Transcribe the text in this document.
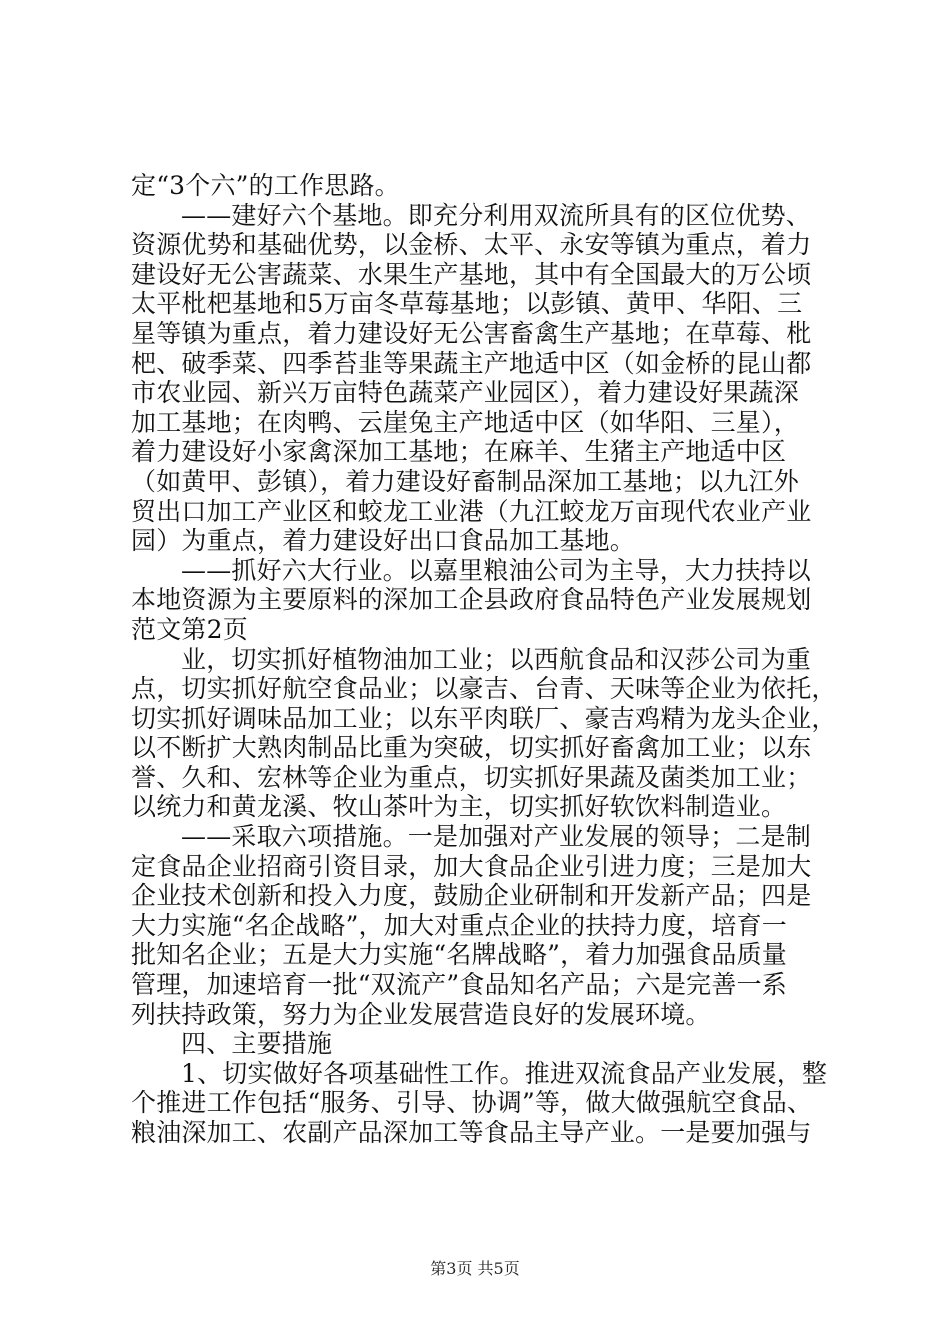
定“3个六”的工作思路。
——建好六个基地。即充分利用双流所具有的区位优势、
资源优势和基础优势，以金桥、太平、永安等镇为重点，着力
建设好无公害蔬菜、水果生产基地，其中有全国最大的万公顷
太平枇杷基地和5万亩冬草莓基地；以彭镇、黄甲、华阳、三
星等镇为重点，着力建设好无公害畜禽生产基地；在草莓、枇
杷、破季菜、四季苔韭等果蔬主产地适中区（如金桥的昆山都
市农业园、新兴万亩特色蔬菜产业园区），着力建设好果蔬深
加工基地；在肉鸭、云崖兔主产地适中区（如华阳、三星），
着力建设好小家禽深加工基地；在麻羊、生猪主产地适中区
（如黄甲、彭镇），着力建设好畜制品深加工基地；以九江外
贸出口加工产业区和蛟龙工业港（九江蛟龙万亩现代农业产业
园）为重点，着力建设好出口食品加工基地。
——抓好六大行业。以嘉里粮油公司为主导，大力扶持以
本地资源为主要原料的深加工企县政府食品特色产业发展规划
范文第2页
业，切实抓好植物油加工业；以西航食品和汉莎公司为重
点，切实抓好航空食品业；以豪吉、台青、天味等企业为依托，
切实抓好调味品加工业；以东平肉联厂、豪吉鸡精为龙头企业，
以不断扩大熟肉制品比重为突破，切实抓好畜禽加工业；以东
誉、久和、宏林等企业为重点，切实抓好果蔬及菌类加工业；
以统力和黄龙溪、牧山茶叶为主，切实抓好软饮料制造业。
——采取六项措施。一是加强对产业发展的领导；二是制
定食品企业招商引资目录，加大食品企业引进力度；三是加大
企业技术创新和投入力度，鼓励企业研制和开发新产品；四是
大力实施“名企战略”，加大对重点企业的扶持力度，培育一
批知名企业；五是大力实施“名牌战略”，着力加强食品质量
管理，加速培育一批“双流产”食品知名产品；六是完善一系
列扶持政策，努力为企业发展营造良好的发展环境。
四、主要措施
1、切实做好各项基础性工作。推进双流食品产业发展，整
个推进工作包括“服务、引导、协调”等，做大做强航空食品、
粮油深加工、农副产品深加工等食品主导产业。一是要加强与
第3页 共5页
